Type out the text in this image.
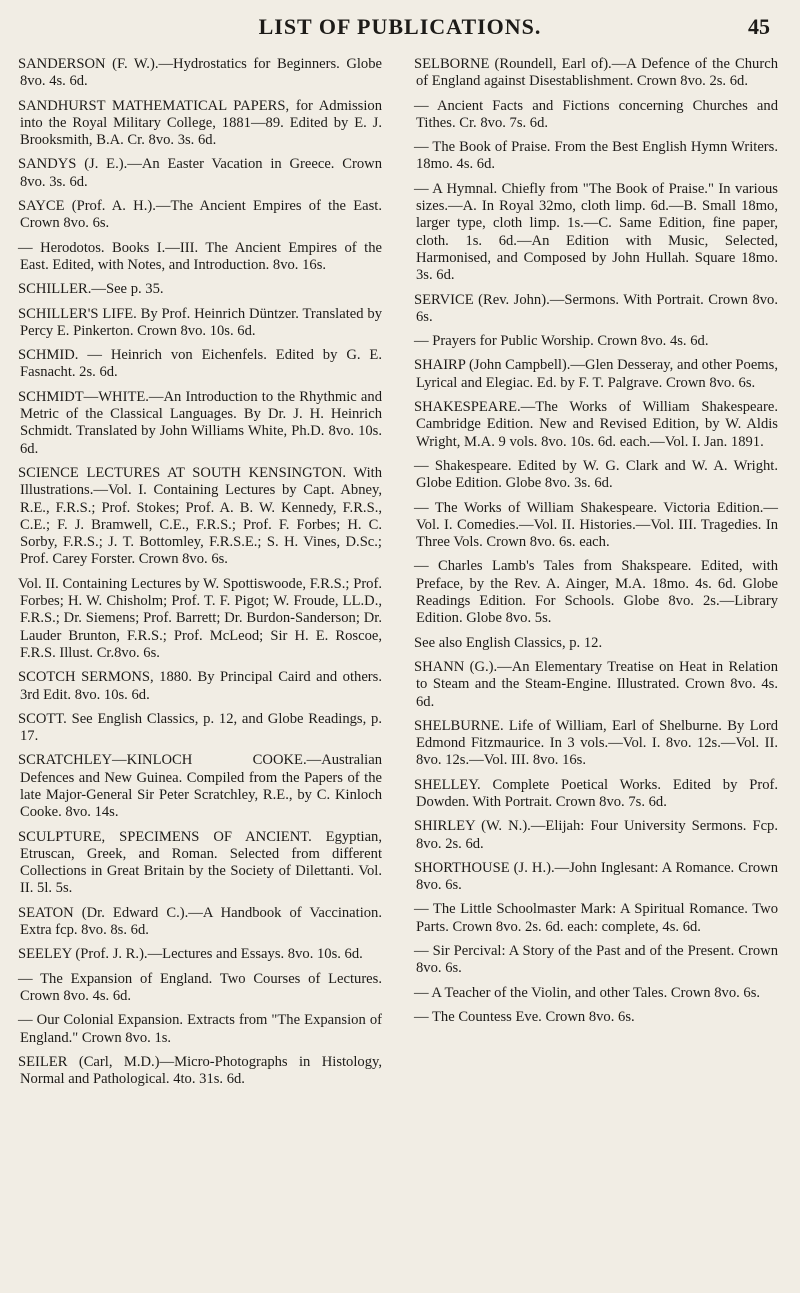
LIST OF PUBLICATIONS.	45

SANDERSON (F. W.).—Hydrostatics for Beginners. Globe 8vo. 4s. 6d.

SANDHURST MATHEMATICAL PAPERS, for Admission into the Royal Military College, 1881—89. Edited by E. J. Brooksmith, B.A. Cr. 8vo. 3s. 6d.

SANDYS (J. E.).—An Easter Vacation in Greece. Crown 8vo. 3s. 6d.

SAYCE (Prof. A. H.).—The Ancient Empires of the East. Crown 8vo. 6s.

— Herodotos. Books I.—III. The Ancient Empires of the East. Edited, with Notes, and Introduction. 8vo. 16s.

SCHILLER.—See p. 35.

SCHILLER'S LIFE. By Prof. Heinrich Düntzer. Translated by Percy E. Pinkerton. Crown 8vo. 10s. 6d.

SCHMID. — Heinrich von Eichenfels. Edited by G. E. Fasnacht. 2s. 6d.

SCHMIDT—WHITE.—An Introduction to the Rhythmic and Metric of the Classical Languages. By Dr. J. H. Heinrich Schmidt. Translated by John Williams White, Ph.D. 8vo. 10s. 6d.

SCIENCE LECTURES AT SOUTH KENSINGTON. With Illustrations.—Vol. I. Containing Lectures by Capt. Abney, R.E., F.R.S.; Prof. Stokes; Prof. A. B. W. Kennedy, F.R.S., C.E.; F. J. Bramwell, C.E., F.R.S.; Prof. F. Forbes; H. C. Sorby, F.R.S.; J. T. Bottomley, F.R.S.E.; S. H. Vines, D.Sc.; Prof. Carey Forster. Crown 8vo. 6s.

Vol. II. Containing Lectures by W. Spottiswoode, F.R.S.; Prof. Forbes; H. W. Chisholm; Prof. T. F. Pigot; W. Froude, LL.D., F.R.S.; Dr. Siemens; Prof. Barrett; Dr. Burdon-Sanderson; Dr. Lauder Brunton, F.R.S.; Prof. McLeod; Sir H. E. Roscoe, F.R.S. Illust. Cr.8vo. 6s.

SCOTCH SERMONS, 1880. By Principal Caird and others. 3rd Edit. 8vo. 10s. 6d.

SCOTT. See English Classics, p. 12, and Globe Readings, p. 17.

SCRATCHLEY—KINLOCH COOKE.—Australian Defences and New Guinea. Compiled from the Papers of the late Major-General Sir Peter Scratchley, R.E., by C. Kinloch Cooke. 8vo. 14s.

SCULPTURE, SPECIMENS OF ANCIENT. Egyptian, Etruscan, Greek, and Roman. Selected from different Collections in Great Britain by the Society of Dilettanti. Vol. II. 5l. 5s.

SEATON (Dr. Edward C.).—A Handbook of Vaccination. Extra fcp. 8vo. 8s. 6d.

SEELEY (Prof. J. R.).—Lectures and Essays. 8vo. 10s. 6d.

— The Expansion of England. Two Courses of Lectures. Crown 8vo. 4s. 6d.

— Our Colonial Expansion. Extracts from "The Expansion of England." Crown 8vo. 1s.

SEILER (Carl, M.D.)—Micro-Photographs in Histology, Normal and Pathological. 4to. 31s. 6d.

SELBORNE (Roundell, Earl of).—A Defence of the Church of England against Disestablishment. Crown 8vo. 2s. 6d.

— Ancient Facts and Fictions concerning Churches and Tithes. Cr. 8vo. 7s. 6d.

— The Book of Praise. From the Best English Hymn Writers. 18mo. 4s. 6d.

— A Hymnal. Chiefly from "The Book of Praise." In various sizes.—A. In Royal 32mo, cloth limp. 6d.—B. Small 18mo, larger type, cloth limp. 1s.—C. Same Edition, fine paper, cloth. 1s. 6d.—An Edition with Music, Selected, Harmonised, and Composed by John Hullah. Square 18mo. 3s. 6d.

SERVICE (Rev. John).—Sermons. With Portrait. Crown 8vo. 6s.

— Prayers for Public Worship. Crown 8vo. 4s. 6d.

SHAIRP (John Campbell).—Glen Desseray, and other Poems, Lyrical and Elegiac. Ed. by F. T. Palgrave. Crown 8vo. 6s.

SHAKESPEARE.—The Works of William Shakespeare. Cambridge Edition. New and Revised Edition, by W. Aldis Wright, M.A. 9 vols. 8vo. 10s. 6d. each.—Vol. I. Jan. 1891.

— Shakespeare. Edited by W. G. Clark and W. A. Wright. Globe Edition. Globe 8vo. 3s. 6d.

— The Works of William Shakespeare. Victoria Edition.—Vol. I. Comedies.—Vol. II. Histories.—Vol. III. Tragedies. In Three Vols. Crown 8vo. 6s. each.

— Charles Lamb's Tales from Shakspeare. Edited, with Preface, by the Rev. A. Ainger, M.A. 18mo. 4s. 6d. Globe Readings Edition. For Schools. Globe 8vo. 2s.—Library Edition. Globe 8vo. 5s.

See also English Classics, p. 12.

SHANN (G.).—An Elementary Treatise on Heat in Relation to Steam and the Steam-Engine. Illustrated. Crown 8vo. 4s. 6d.

SHELBURNE. Life of William, Earl of Shelburne. By Lord Edmond Fitzmaurice. In 3 vols.—Vol. I. 8vo. 12s.—Vol. II. 8vo. 12s.—Vol. III. 8vo. 16s.

SHELLEY. Complete Poetical Works. Edited by Prof. Dowden. With Portrait. Crown 8vo. 7s. 6d.

SHIRLEY (W. N.).—Elijah: Four University Sermons. Fcp. 8vo. 2s. 6d.

SHORTHOUSE (J. H.).—John Inglesant: A Romance. Crown 8vo. 6s.

— The Little Schoolmaster Mark: A Spiritual Romance. Two Parts. Crown 8vo. 2s. 6d. each: complete, 4s. 6d.

— Sir Percival: A Story of the Past and of the Present. Crown 8vo. 6s.

— A Teacher of the Violin, and other Tales. Crown 8vo. 6s.

— The Countess Eve. Crown 8vo. 6s.
